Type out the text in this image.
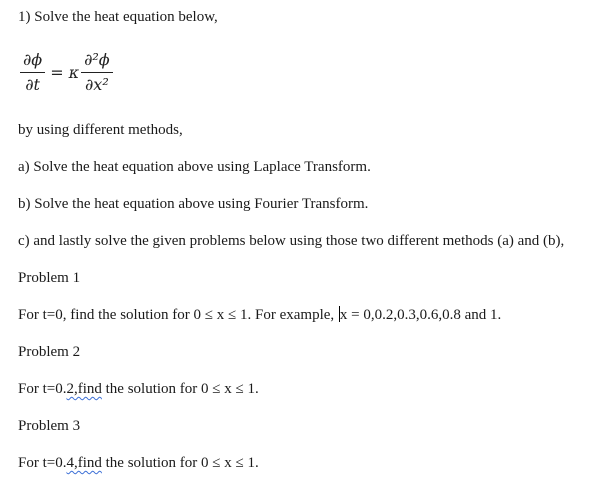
1) Solve the heat equation below,
$\frac{\partial\phi}{\partial t} = \kappa \frac{\text{∂²ϕ}}{\text{∂x²}}$
by using different methods,
a) Solve the heat equation above using Laplace Transform.
b) Solve the heat equation above using Fourier Transform.
c) and lastly solve the given problems below using those two different methods (a) and (b),
Problem 1
For t=0, find the solution for 0 ≤ x ≤ 1. For example, x = 0,0.2,0.3,0.6,0.8 and 1.
Problem 2
For t=0.2,find the solution for 0 ≤ x ≤ 1.
Problem 3
For t=0.4,find the solution for 0 ≤ x ≤ 1.
